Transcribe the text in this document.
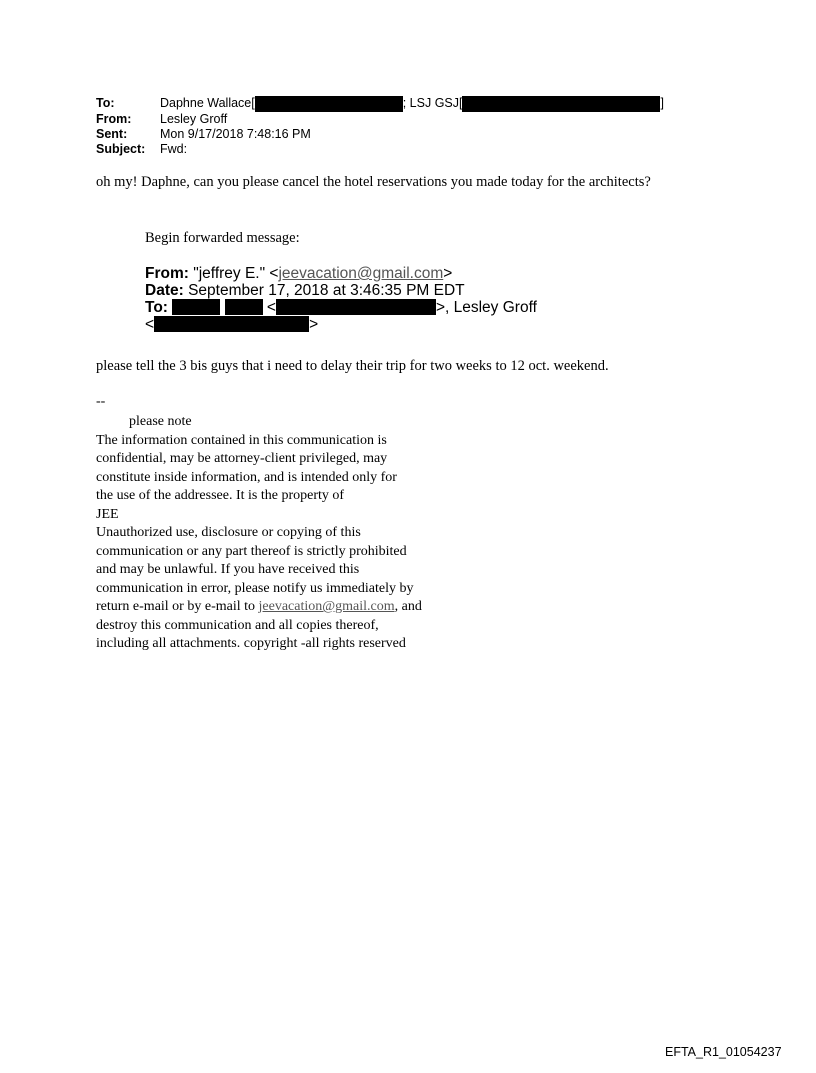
To:	Daphne Wallace[	; LSJ GSJ[	]
From:	Lesley Groff
Sent:	Mon 9/17/2018 7:48:16 PM
Subject:	Fwd:
oh my! Daphne, can you please cancel the hotel reservations you made today for the architects?
Begin forwarded message:
From: "jeffrey E." <jeevacation@gmail.com>
Date: September 17, 2018 at 3:46:35 PM EDT
To:	<	>, Lesley Groff
<	>
please tell the 3 bis guys that i need to delay their trip for two weeks to 12 oct. weekend.
--
please note
The information contained in this communication is
confidential, may be attorney-client privileged, may
constitute inside information, and is intended only for
the use of the addressee. It is the property of
JEE
Unauthorized use, disclosure or copying of this
communication or any part thereof is strictly prohibited
and may be unlawful. If you have received this
communication in error, please notify us immediately by
return e-mail or by e-mail to jeevacation@gmail.com, and
destroy this communication and all copies thereof,
including all attachments. copyright -all rights reserved
EFTA_R1_01054237
